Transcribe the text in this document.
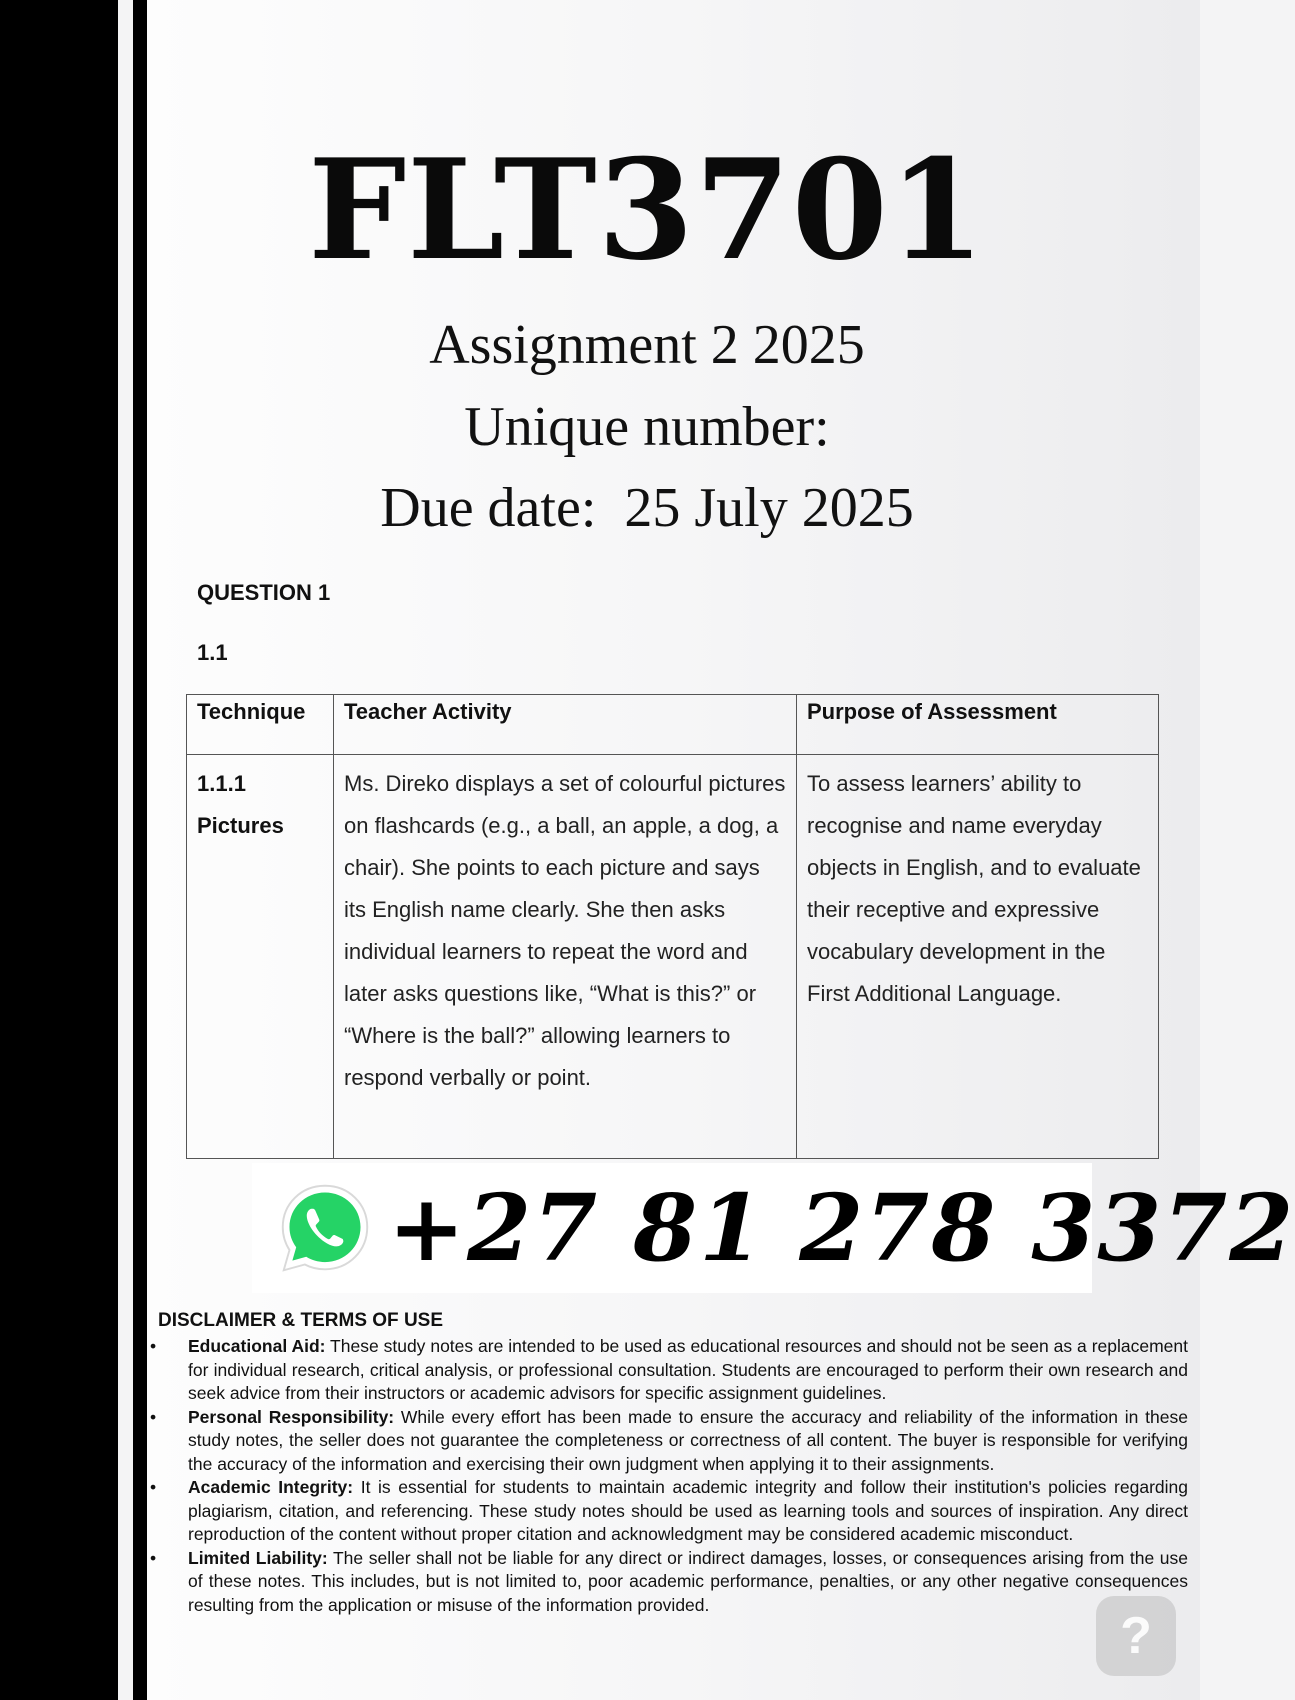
FLT3701
Assignment 2 2025
Unique number:
Due date:  25 July 2025
QUESTION 1
1.1
Technique	Teacher Activity	Purpose of Assessment

1.1.1
Pictures	Ms. Direko displays a set of colourful pictures on flashcards (e.g., a ball, an apple, a dog, a chair). She points to each picture and says its English name clearly. She then asks individual learners to repeat the word and later asks questions like, “What is this?” or “Where is the ball?” allowing learners to respond verbally or point.	To assess learners’ ability to recognise and name everyday objects in English, and to evaluate their receptive and expressive vocabulary development in the First Additional Language.
+27 81 278 3372
DISCLAIMER & TERMS OF USE
•	Educational Aid: These study notes are intended to be used as educational resources and should not be seen as a replacement for individual research, critical analysis, or professional consultation. Students are encouraged to perform their own research and seek advice from their instructors or academic advisors for specific assignment guidelines.
•	Personal Responsibility: While every effort has been made to ensure the accuracy and reliability of the information in these study notes, the seller does not guarantee the completeness or correctness of all content. The buyer is responsible for verifying the accuracy of the information and exercising their own judgment when applying it to their assignments.
•	Academic Integrity: It is essential for students to maintain academic integrity and follow their institution's policies regarding plagiarism, citation, and referencing. These study notes should be used as learning tools and sources of inspiration. Any direct reproduction of the content without proper citation and acknowledgment may be considered academic misconduct.
•	Limited Liability: The seller shall not be liable for any direct or indirect damages, losses, or consequences arising from the use of these notes. This includes, but is not limited to, poor academic performance, penalties, or any other negative consequences resulting from the application or misuse of the information provided.
?
